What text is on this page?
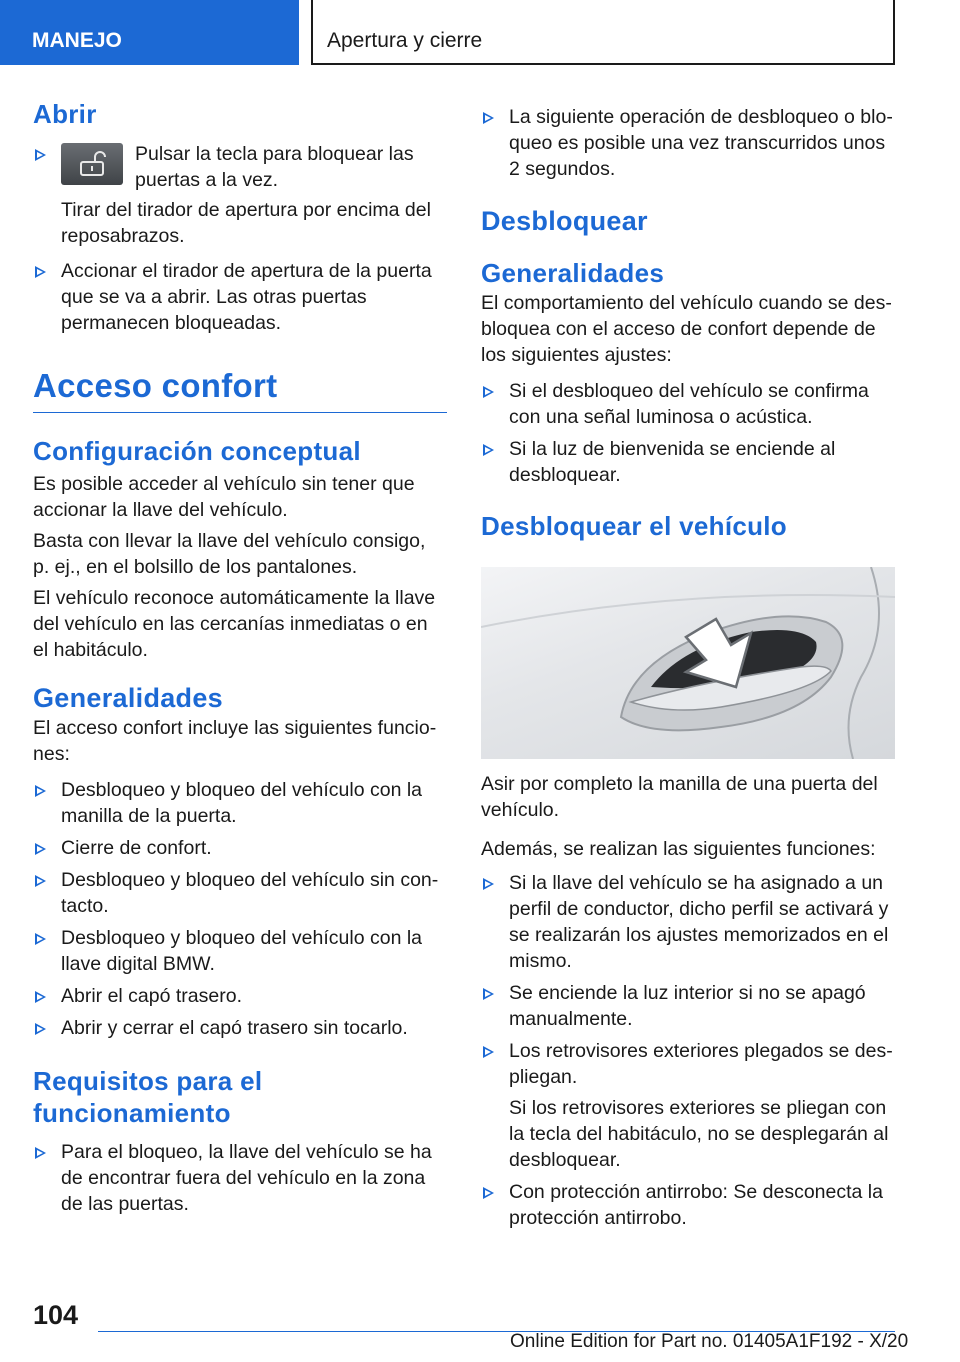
MANEJO	Apertura y cierre
Abrir
Pulsar la tecla para bloquear las puertas a la vez.
Tirar del tirador de apertura por encima del reposabrazos.
Accionar el tirador de apertura de la puerta que se va a abrir. Las otras puertas permanecen bloqueadas.
Acceso confort
Configuración conceptual

Es posible acceder al vehículo sin tener que accionar la llave del vehículo.

Basta con llevar la llave del vehículo consigo, p. ej., en el bolsillo de los pantalones.

El vehículo reconoce automáticamente la llave del vehículo en las cercanías inmediatas o en el habitáculo.

Generalidades

El acceso confort incluye las siguientes funciones:

Desbloqueo y bloqueo del vehículo con la manilla de la puerta.
Cierre de confort.
Desbloqueo y bloqueo del vehículo sin contacto.
Desbloqueo y bloqueo del vehículo con la llave digital BMW.
Abrir el capó trasero.
Abrir y cerrar el capó trasero sin tocarlo.
Requisitos para el funcionamiento
Para el bloqueo, la llave del vehículo se ha de encontrar fuera del vehículo en la zona de las puertas.
La siguiente operación de desbloqueo o bloqueo es posible una vez transcurridos unos 2 segundos.
Desbloquear
Generalidades

El comportamiento del vehículo cuando se desbloquea con el acceso de confort depende de los siguientes ajustes:

Si el desbloqueo del vehículo se confirma con una señal luminosa o acústica.
Si la luz de bienvenida se enciende al desbloquear.
Desbloquear el vehículo

Asir por completo la manilla de una puerta del vehículo.

Además, se realizan las siguientes funciones:

Si la llave del vehículo se ha asignado a un perfil de conductor, dicho perfil se activará y se realizarán los ajustes memorizados en el mismo.
Se enciende la luz interior si no se apagó manualmente.
Los retrovisores exteriores plegados se despliegan.
Si los retrovisores exteriores se pliegan con la tecla del habitáculo, no se desplegarán al desbloquear.
Con protección antirrobo: Se desconecta la protección antirrobo.
104
Online Edition for Part no. 01405A1F192 - X/20
